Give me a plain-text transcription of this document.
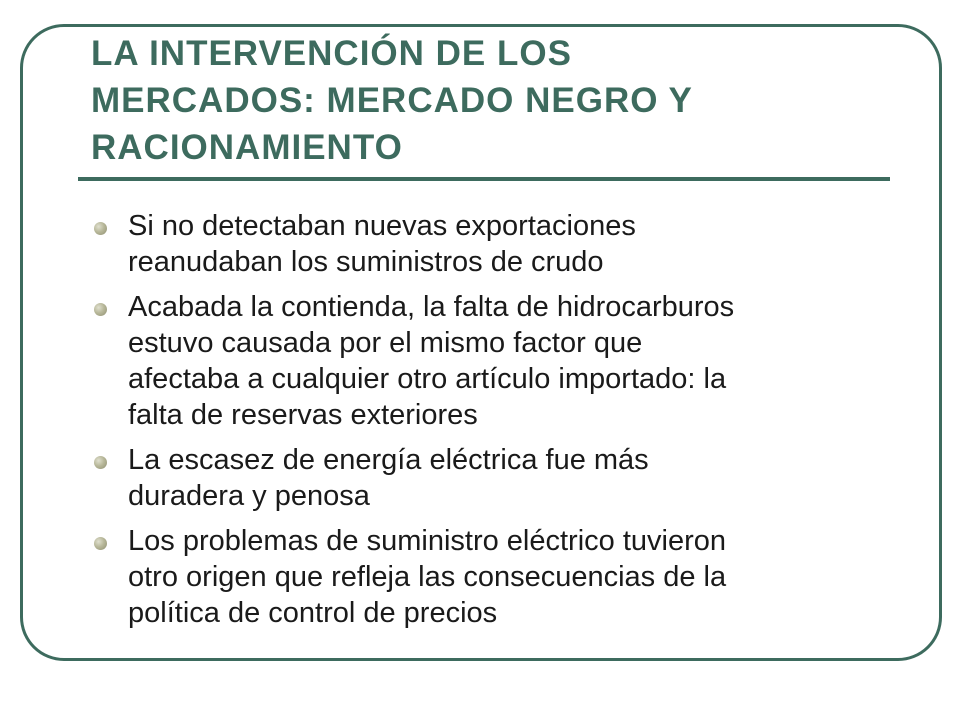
LA INTERVENCIÓN DE LOS
MERCADOS: MERCADO NEGRO Y
RACIONAMIENTO
Si no detectaban nuevas exportaciones
reanudaban los suministros de crudo
Acabada la contienda, la falta de hidrocarburos
estuvo causada por el mismo factor que
afectaba a cualquier otro artículo importado: la
falta de reservas exteriores
La escasez de energía eléctrica fue más
duradera y penosa
Los problemas de suministro eléctrico tuvieron
otro origen que refleja las consecuencias de la
política de control de precios
